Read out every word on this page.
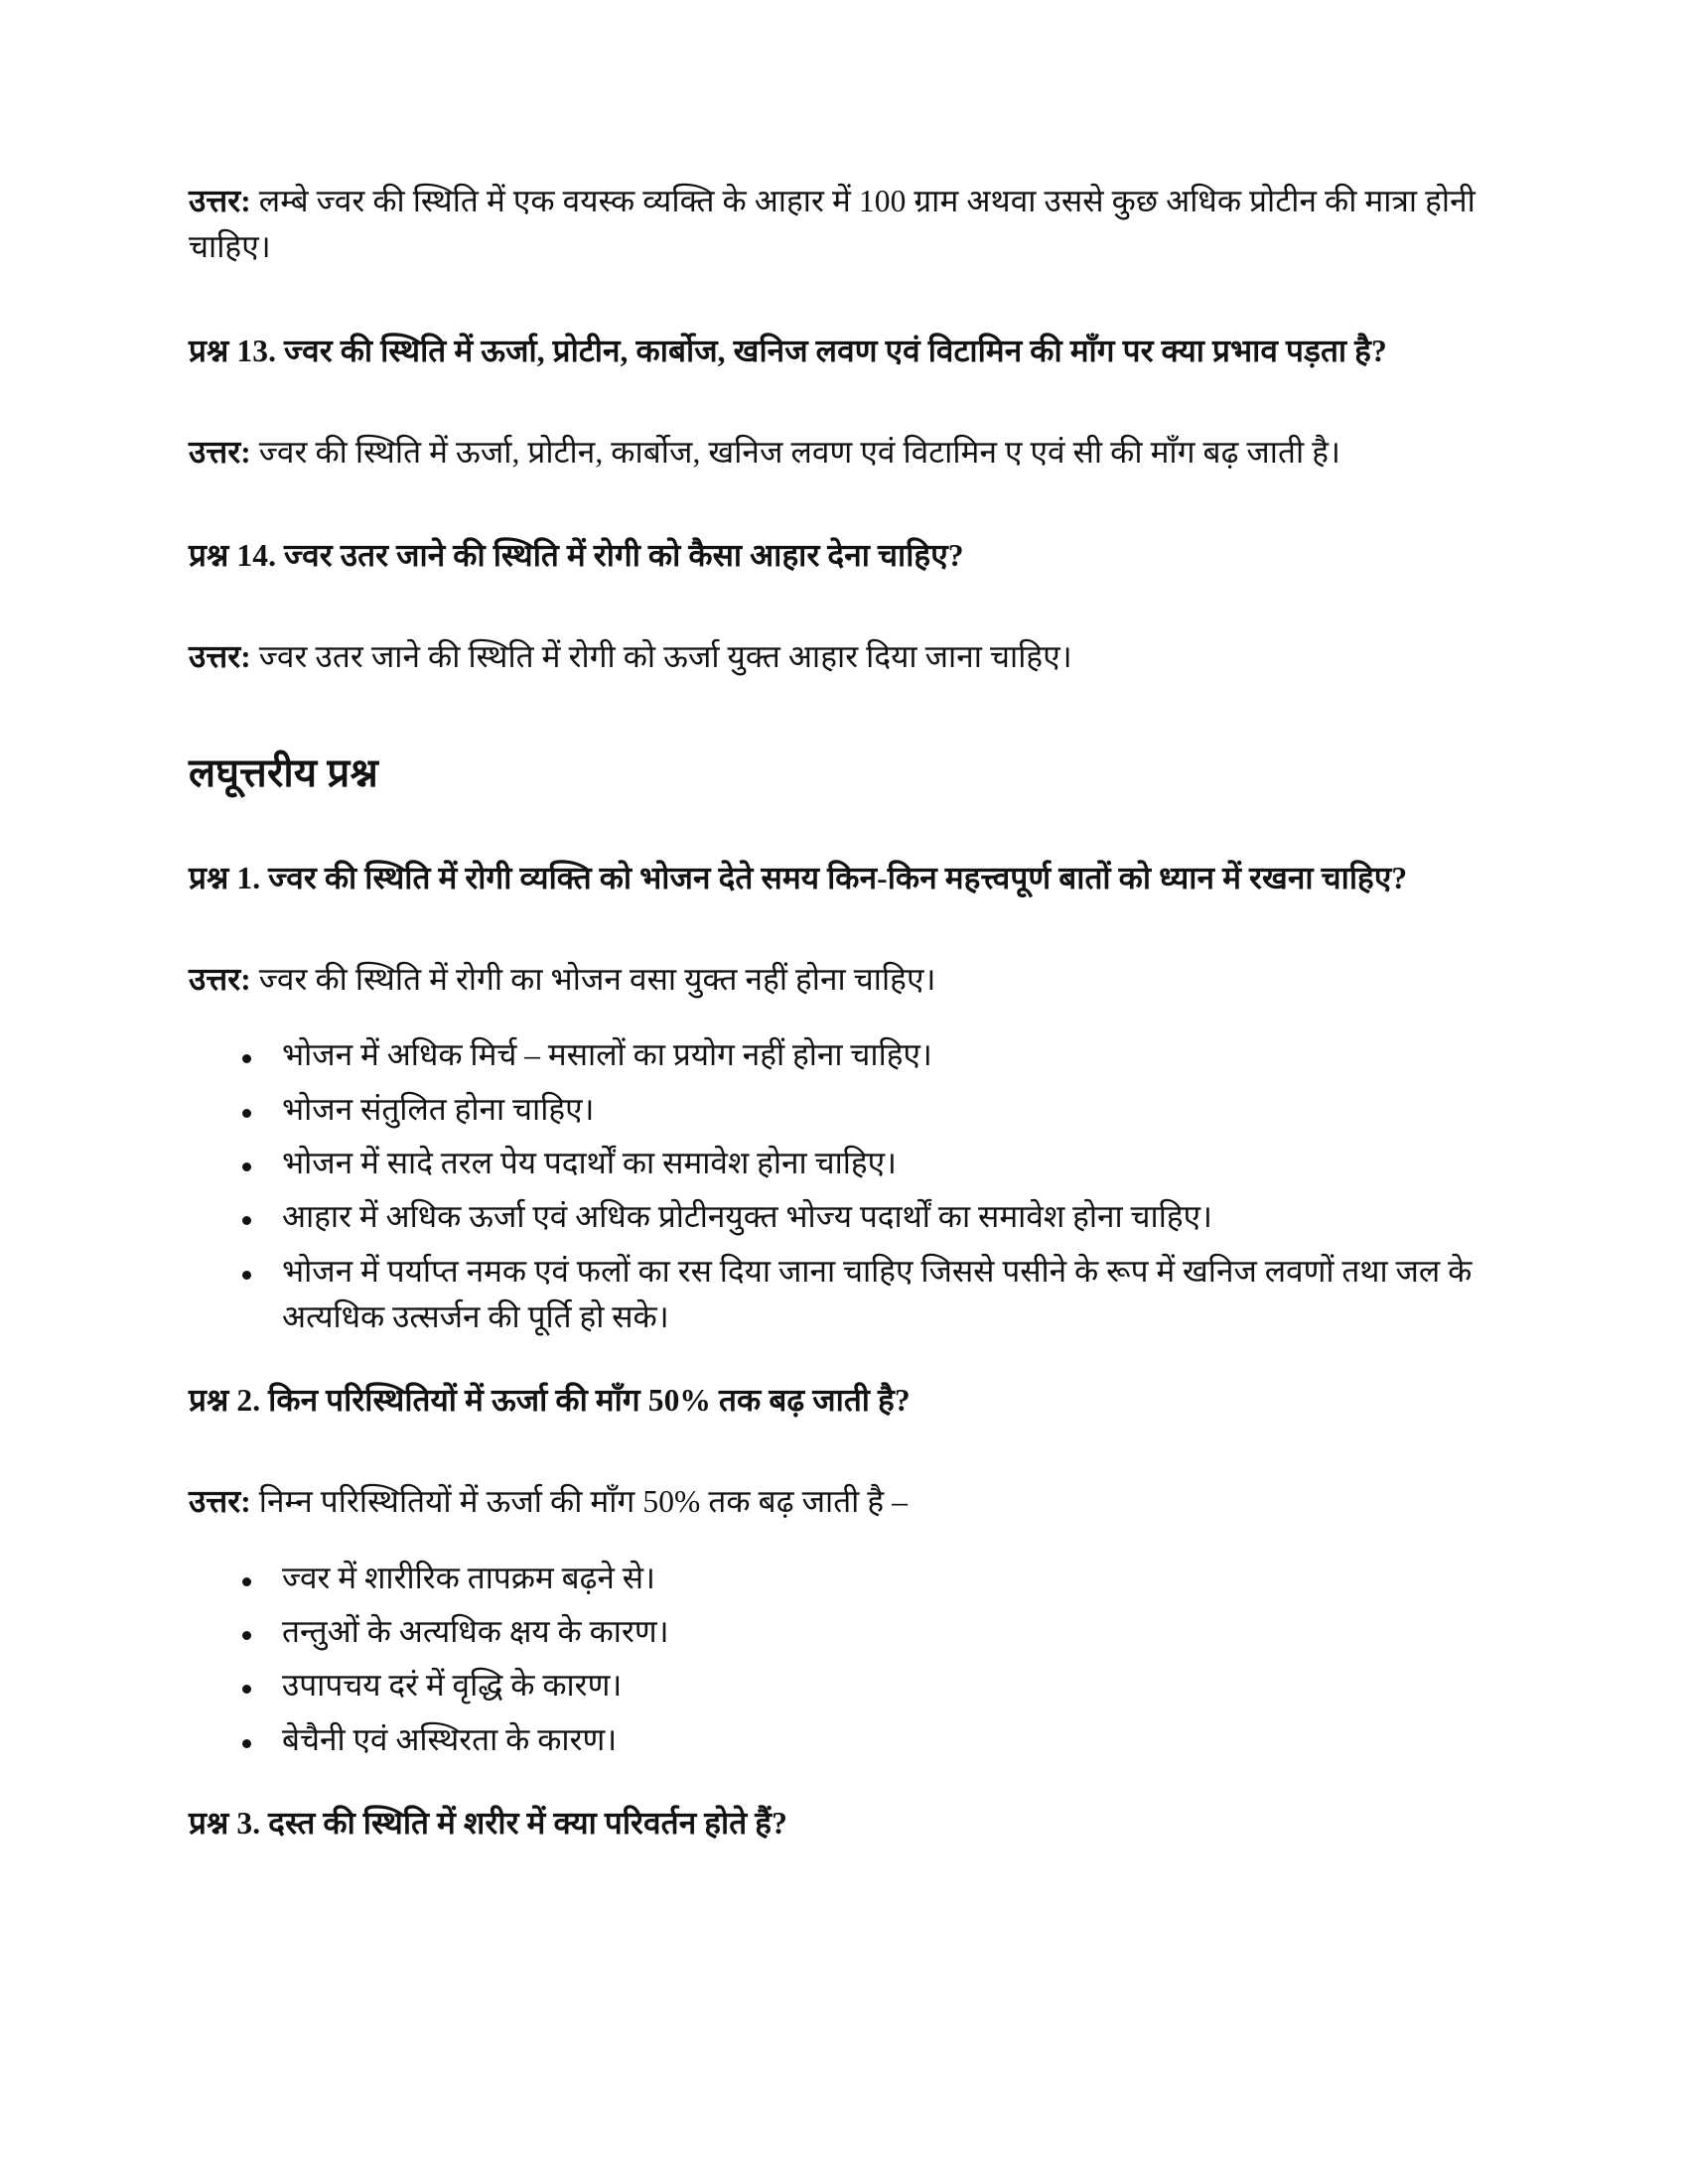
उत्तर: लम्बे ज्वर की स्थिति में एक वयस्क व्यक्ति के आहार में 100 ग्राम अथवा उससे कुछ अधिक प्रोटीन की मात्रा होनी चाहिए।

प्रश्न 13. ज्वर की स्थिति में ऊर्जा, प्रोटीन, कार्बोज, खनिज लवण एवं विटामिन की माँग पर क्या प्रभाव पड़ता है?

उत्तर: ज्वर की स्थिति में ऊर्जा, प्रोटीन, कार्बोज, खनिज लवण एवं विटामिन ए एवं सी की माँग बढ़ जाती है।

प्रश्न 14. ज्वर उतर जाने की स्थिति में रोगी को कैसा आहार देना चाहिए?

उत्तर: ज्वर उतर जाने की स्थिति में रोगी को ऊर्जा युक्त आहार दिया जाना चाहिए।

लघूत्तरीय प्रश्न

प्रश्न 1. ज्वर की स्थिति में रोगी व्यक्ति को भोजन देते समय किन-किन महत्त्वपूर्ण बातों को ध्यान में रखना चाहिए?

उत्तर: ज्वर की स्थिति में रोगी का भोजन वसा युक्त नहीं होना चाहिए।

भोजन में अधिक मिर्च – मसालों का प्रयोग नहीं होना चाहिए।
भोजन संतुलित होना चाहिए।
भोजन में सादे तरल पेय पदार्थों का समावेश होना चाहिए।
आहार में अधिक ऊर्जा एवं अधिक प्रोटीनयुक्त भोज्य पदार्थों का समावेश होना चाहिए।
भोजन में पर्याप्त नमक एवं फलों का रस दिया जाना चाहिए जिससे पसीने के रूप में खनिज लवणों तथा जल के अत्यधिक उत्सर्जन की पूर्ति हो सके।

प्रश्न 2. किन परिस्थितियों में ऊर्जा की माँग 50% तक बढ़ जाती है?

उत्तर: निम्न परिस्थितियों में ऊर्जा की माँग 50% तक बढ़ जाती है –

ज्वर में शारीरिक तापक्रम बढ़ने से।
तन्तुओं के अत्यधिक क्षय के कारण।
उपापचय दरं में वृद्धि के कारण।
बेचैनी एवं अस्थिरता के कारण।

प्रश्न 3. दस्त की स्थिति में शरीर में क्या परिवर्तन होते हैं?
